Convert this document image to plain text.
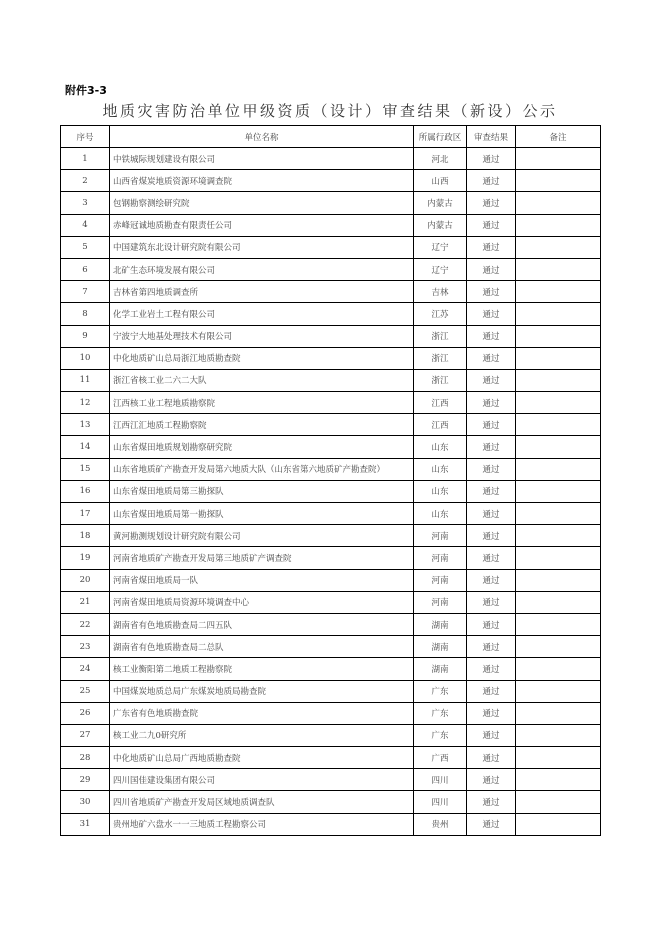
附件3-3
地质灾害防治单位甲级资质（设计）审查结果（新设）公示
序号	单位名称	所属行政区	审查结果	备注
1	中铁城际规划建设有限公司	河北	通过	
2	山西省煤炭地质资源环境调查院	山西	通过	
3	包钢勘察测绘研究院	内蒙古	通过	
4	赤峰冠诚地质勘查有限责任公司	内蒙古	通过	
5	中国建筑东北设计研究院有限公司	辽宁	通过	
6	北矿生态环境发展有限公司	辽宁	通过	
7	吉林省第四地质调查所	吉林	通过	
8	化学工业岩土工程有限公司	江苏	通过	
9	宁波宁大地基处理技术有限公司	浙江	通过	
10	中化地质矿山总局浙江地质勘查院	浙江	通过	
11	浙江省核工业二六二大队	浙江	通过	
12	江西核工业工程地质勘察院	江西	通过	
13	江西江汇地质工程勘察院	江西	通过	
14	山东省煤田地质规划勘察研究院	山东	通过	
15	山东省地质矿产勘查开发局第六地质大队（山东省第六地质矿产勘查院）	山东	通过	
16	山东省煤田地质局第三勘探队	山东	通过	
17	山东省煤田地质局第一勘探队	山东	通过	
18	黄河勘测规划设计研究院有限公司	河南	通过	
19	河南省地质矿产勘查开发局第三地质矿产调查院	河南	通过	
20	河南省煤田地质局一队	河南	通过	
21	河南省煤田地质局资源环境调查中心	河南	通过	
22	湖南省有色地质勘查局二四五队	湖南	通过	
23	湖南省有色地质勘查局二总队	湖南	通过	
24	核工业衡阳第二地质工程勘察院	湖南	通过	
25	中国煤炭地质总局广东煤炭地质局勘查院	广东	通过	
26	广东省有色地质勘查院	广东	通过	
27	核工业二九0研究所	广东	通过	
28	中化地质矿山总局广西地质勘查院	广西	通过	
29	四川国佳建设集团有限公司	四川	通过	
30	四川省地质矿产勘查开发局区域地质调查队	四川	通过	
31	贵州地矿六盘水一一三地质工程勘察公司	贵州	通过	
